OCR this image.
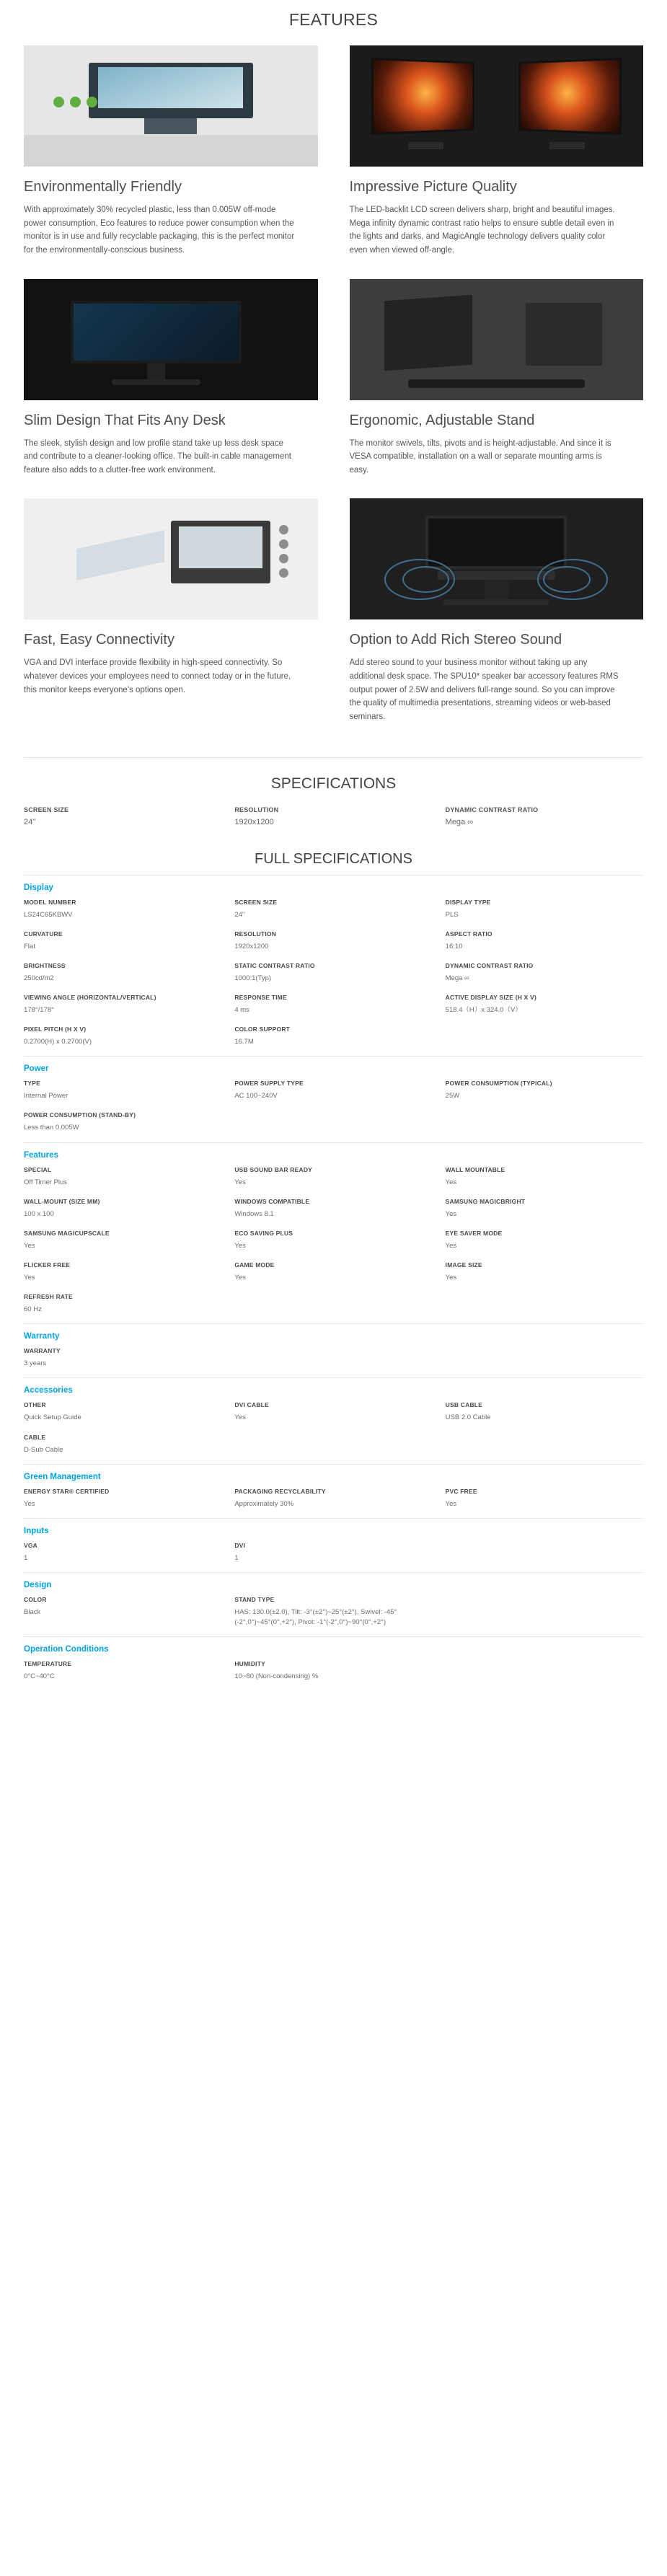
FEATURES
Environmentally Friendly

With approximately 30% recycled plastic, less than 0.005W off-mode power consumption, Eco features to reduce power consumption when the monitor is in use and fully recyclable packaging, this is the perfect monitor for the environmentally-conscious business.

Impressive Picture Quality

The LED-backlit LCD screen delivers sharp, bright and beautiful images. Mega infinity dynamic contrast ratio helps to ensure subtle detail even in the lights and darks, and MagicAngle technology delivers quality color even when viewed off-angle.

Slim Design That Fits Any Desk

The sleek, stylish design and low profile stand take up less desk space and contribute to a cleaner-looking office. The built-in cable management feature also adds to a clutter-free work environment.

Ergonomic, Adjustable Stand

The monitor swivels, tilts, pivots and is height-adjustable. And since it is VESA compatible, installation on a wall or separate mounting arms is easy.

Fast, Easy Connectivity

VGA and DVI interface provide flexibility in high-speed connectivity. So whatever devices your employees need to connect today or in the future, this monitor keeps everyone's options open.

Option to Add Rich Stereo Sound

Add stereo sound to your business monitor without taking up any additional desk space. The SPU10* speaker bar accessory features RMS output power of 2.5W and delivers full-range sound. So you can improve the quality of multimedia presentations, streaming videos or web-based seminars.

SPECIFICATIONS
SCREEN SIZE
24"
RESOLUTION
1920x1200
DYNAMIC CONTRAST RATIO
Mega ∞
FULL SPECIFICATIONS
Display
MODEL NUMBER
LS24C65KBWV
SCREEN SIZE
24"
DISPLAY TYPE
PLS
CURVATURE
Flat
RESOLUTION
1920x1200
ASPECT RATIO
16:10
BRIGHTNESS
250cd/m2
STATIC CONTRAST RATIO
1000:1(Typ)
DYNAMIC CONTRAST RATIO
Mega ∞
VIEWING ANGLE (HORIZONTAL/VERTICAL)
178°/178°
RESPONSE TIME
4 ms
ACTIVE DISPLAY SIZE (H X V)
518.4（H）x 324.0（V）
PIXEL PITCH (H X V)
0.2700(H) x 0.2700(V)
COLOR SUPPORT
16.7M
Power
TYPE
Internal Power
POWER SUPPLY TYPE
AC 100~240V
POWER CONSUMPTION (TYPICAL)
25W
POWER CONSUMPTION (STAND-BY)
Less than 0.005W
Features
SPECIAL
Off Timer Plus
USB SOUND BAR READY
Yes
WALL MOUNTABLE
Yes
WALL-MOUNT (SIZE MM)
100 x 100
WINDOWS COMPATIBLE
Windows 8.1
SAMSUNG MAGICBRIGHT
Yes
SAMSUNG MAGICUPSCALE
Yes
ECO SAVING PLUS
Yes
EYE SAVER MODE
Yes
FLICKER FREE
Yes
GAME MODE
Yes
IMAGE SIZE
Yes
REFRESH RATE
60 Hz
Warranty
WARRANTY
3 years
Accessories
OTHER
Quick Setup Guide
DVI CABLE
Yes
USB CABLE
USB 2.0 Cable
CABLE
D-Sub Cable
Green Management
ENERGY STAR® CERTIFIED
Yes
PACKAGING RECYCLABILITY
Approximately 30%
PVC FREE
Yes
Inputs
VGA
1
DVI
1
Design
COLOR
Black
STAND TYPE
HAS: 130.0(±2.0), Tilt: -3°(±2°)~25°(±2°), Swivel: -45°(-2°,0°)~45°(0°,+2°), Pivot: -1°(-2°,0°)~90°(0°,+2°)
Operation Conditions
TEMPERATURE
0°C~40°C
HUMIDITY
10~80 (Non-condensing) %
